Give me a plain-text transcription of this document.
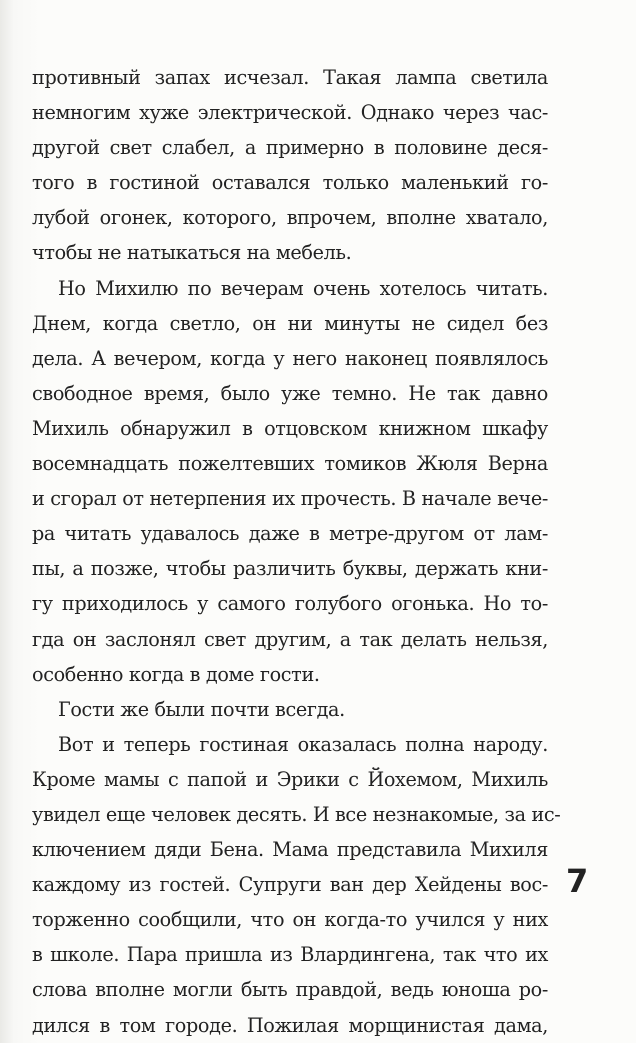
противный запах исчезал. Такая лампа светила
немногим хуже электрической. Однако через час-
другой свет слабел, а примерно в половине деся-
того в гостиной оставался только маленький го-
лубой огонек, которого, впрочем, вполне хватало,
чтобы не натыкаться на мебель.
Но Михилю по вечерам очень хотелось читать.
Днем, когда светло, он ни минуты не сидел без
дела. А вечером, когда у него наконец появлялось
свободное время, было уже темно. Не так давно
Михиль обнаружил в отцовском книжном шкафу
восемнадцать пожелтевших томиков Жюля Верна
и сгорал от нетерпения их прочесть. В начале вече-
ра читать удавалось даже в метре-другом от лам-
пы, а позже, чтобы различить буквы, держать кни-
гу приходилось у самого голубого огонька. Но то-
гда он заслонял свет другим, а так делать нельзя,
особенно когда в доме гости.
Гости же были почти всегда.
Вот и теперь гостиная оказалась полна народу.
Кроме мамы с папой и Эрики с Йохемом, Михиль
увидел еще человек десять. И все незнакомые, за ис-
ключением дяди Бена. Мама представила Михиля
каждому из гостей. Супруги ван дер Хейдены вос-
торженно сообщили, что он когда-то учился у них
в школе. Пара пришла из Влардингена, так что их
слова вполне могли быть правдой, ведь юноша ро-
дился в том городе. Пожилая морщинистая дама,
7
